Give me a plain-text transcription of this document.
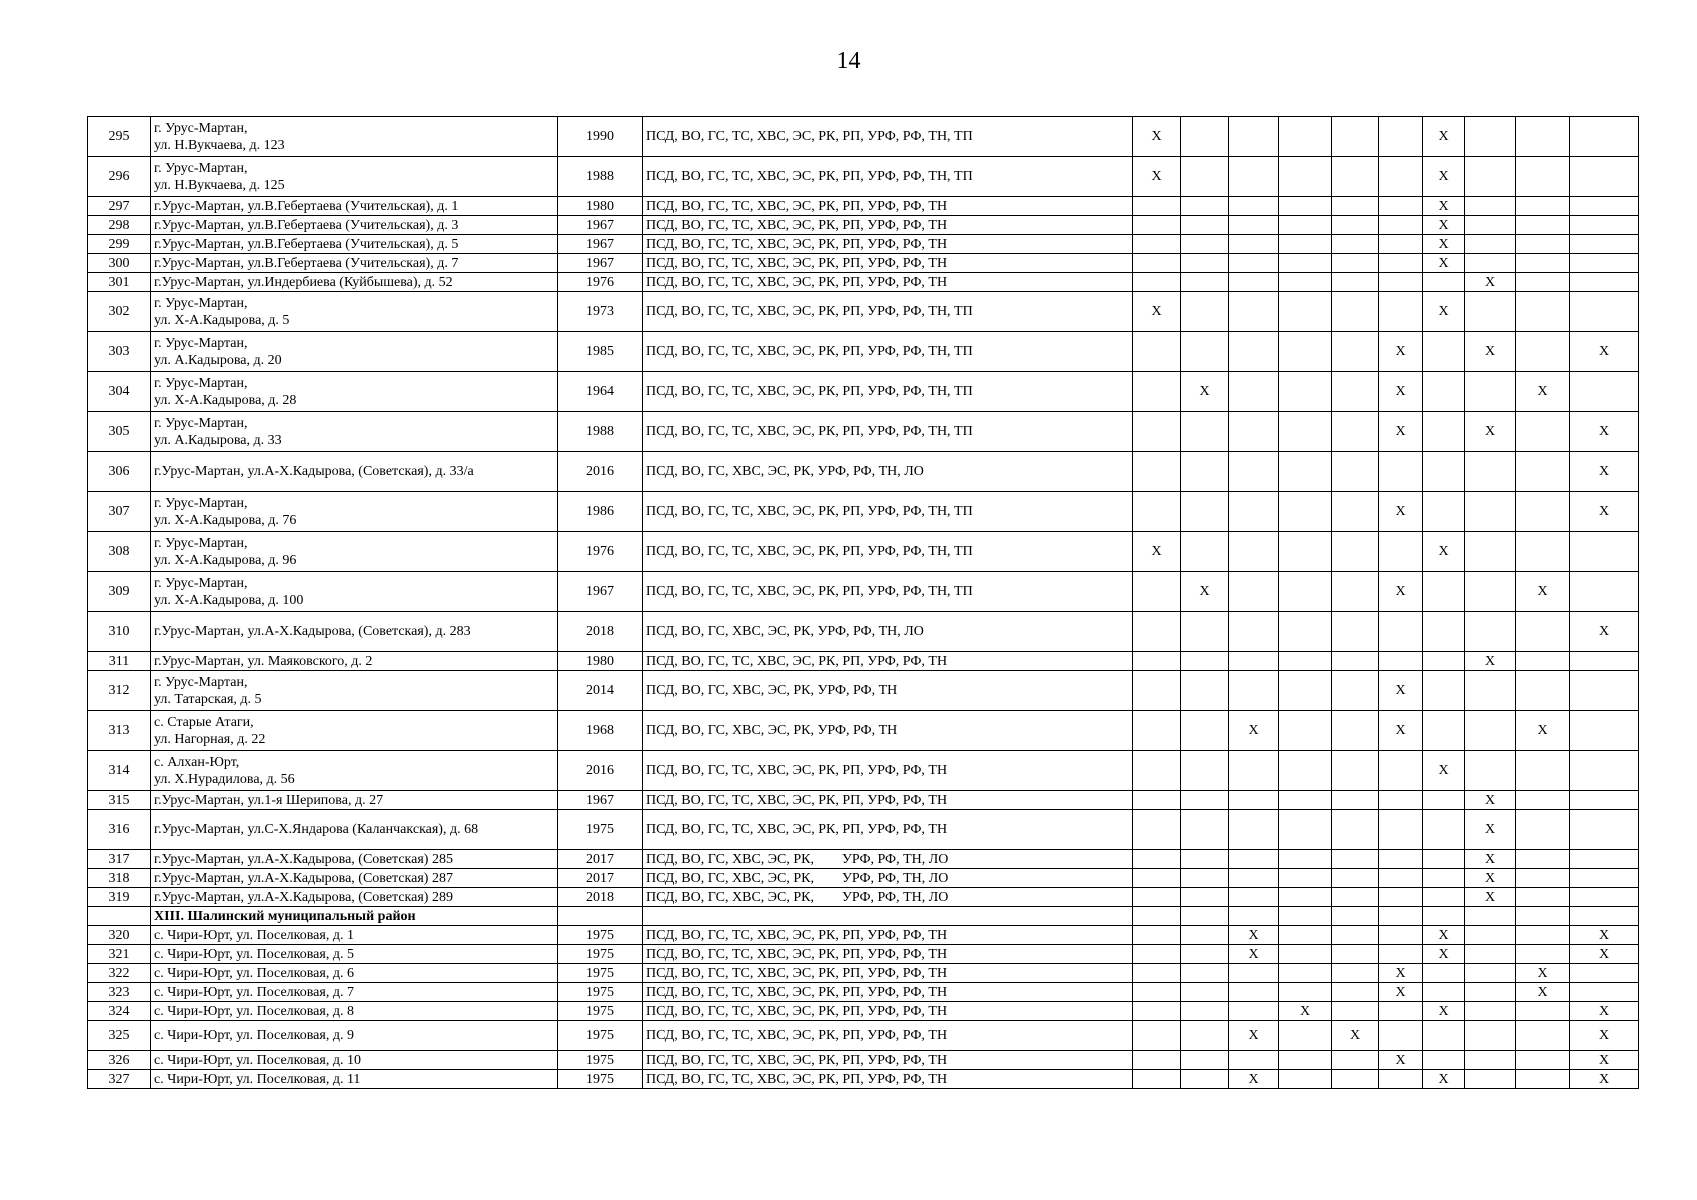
14
295	г. Урус-Мартан,
ул. Н.Вукчаева, д. 123	1990	ПСД, ВО, ГС, ТС, ХВС, ЭС, РК, РП, УРФ, РФ, ТН, ТП	X						X			
296	г. Урус-Мартан,
ул. Н.Вукчаева, д. 125	1988	ПСД, ВО, ГС, ТС, ХВС, ЭС, РК, РП, УРФ, РФ, ТН, ТП	X						X			
297	г.Урус-Мартан, ул.В.Гебертаева (Учительская), д. 1	1980	ПСД, ВО, ГС, ТС, ХВС, ЭС, РК, РП, УРФ, РФ, ТН							X			
298	г.Урус-Мартан, ул.В.Гебертаева (Учительская), д. 3	1967	ПСД, ВО, ГС, ТС, ХВС, ЭС, РК, РП, УРФ, РФ, ТН							X			
299	г.Урус-Мартан, ул.В.Гебертаева (Учительская), д. 5	1967	ПСД, ВО, ГС, ТС, ХВС, ЭС, РК, РП, УРФ, РФ, ТН							X			
300	г.Урус-Мартан, ул.В.Гебертаева (Учительская), д. 7	1967	ПСД, ВО, ГС, ТС, ХВС, ЭС, РК, РП, УРФ, РФ, ТН							X			
301	г.Урус-Мартан, ул.Индербиева (Куйбышева), д. 52	1976	ПСД, ВО, ГС, ТС, ХВС, ЭС, РК, РП, УРФ, РФ, ТН								X		
302	г. Урус-Мартан,
ул. Х-А.Кадырова, д. 5	1973	ПСД, ВО, ГС, ТС, ХВС, ЭС, РК, РП, УРФ, РФ, ТН, ТП	X						X			
303	г. Урус-Мартан,
ул. А.Кадырова, д. 20	1985	ПСД, ВО, ГС, ТС, ХВС, ЭС, РК, РП, УРФ, РФ, ТН, ТП						X		X		X
304	г. Урус-Мартан,
ул. Х-А.Кадырова, д. 28	1964	ПСД, ВО, ГС, ТС, ХВС, ЭС, РК, РП, УРФ, РФ, ТН, ТП		X				X			X	
305	г. Урус-Мартан,
ул. А.Кадырова, д. 33	1988	ПСД, ВО, ГС, ТС, ХВС, ЭС, РК, РП, УРФ, РФ, ТН, ТП						X		X		X
306	г.Урус-Мартан, ул.А-Х.Кадырова, (Советская), д. 33/а	2016	ПСД, ВО, ГС, ХВС, ЭС, РК, УРФ, РФ, ТН, ЛО										X
307	г. Урус-Мартан,
ул. Х-А.Кадырова, д. 76	1986	ПСД, ВО, ГС, ТС, ХВС, ЭС, РК, РП, УРФ, РФ, ТН, ТП						X				X
308	г. Урус-Мартан,
ул. Х-А.Кадырова, д. 96	1976	ПСД, ВО, ГС, ТС, ХВС, ЭС, РК, РП, УРФ, РФ, ТН, ТП	X						X			
309	г. Урус-Мартан,
ул. Х-А.Кадырова, д. 100	1967	ПСД, ВО, ГС, ТС, ХВС, ЭС, РК, РП, УРФ, РФ, ТН, ТП		X				X			X	
310	г.Урус-Мартан, ул.А-Х.Кадырова, (Советская), д. 283	2018	ПСД, ВО, ГС, ХВС, ЭС, РК, УРФ, РФ, ТН, ЛО										X
311	г.Урус-Мартан, ул. Маяковского, д. 2	1980	ПСД, ВО, ГС, ТС, ХВС, ЭС, РК, РП, УРФ, РФ, ТН								X		
312	г. Урус-Мартан,
ул. Татарская, д. 5	2014	ПСД, ВО, ГС, ХВС, ЭС, РК, УРФ, РФ, ТН						X				
313	с. Старые Атаги,
ул. Нагорная, д. 22	1968	ПСД, ВО, ГС, ХВС, ЭС, РК, УРФ, РФ, ТН			X			X			X	
314	с. Алхан-Юрт,
ул. Х.Нурадилова, д. 56	2016	ПСД, ВО, ГС, ТС, ХВС, ЭС, РК, РП, УРФ, РФ, ТН							X			
315	г.Урус-Мартан, ул.1-я Шерипова, д. 27	1967	ПСД, ВО, ГС, ТС, ХВС, ЭС, РК, РП, УРФ, РФ, ТН								X		
316	г.Урус-Мартан, ул.С-Х.Яндарова (Каланчакская), д. 68	1975	ПСД, ВО, ГС, ТС, ХВС, ЭС, РК, РП, УРФ, РФ, ТН								X		
317	г.Урус-Мартан, ул.А-Х.Кадырова, (Советская) 285	2017	ПСД, ВО, ГС, ХВС, ЭС, РК,        УРФ, РФ, ТН, ЛО								X		
318	г.Урус-Мартан, ул.А-Х.Кадырова, (Советская) 287	2017	ПСД, ВО, ГС, ХВС, ЭС, РК,        УРФ, РФ, ТН, ЛО								X		
319	г.Урус-Мартан, ул.А-Х.Кадырова, (Советская) 289	2018	ПСД, ВО, ГС, ХВС, ЭС, РК,        УРФ, РФ, ТН, ЛО								X		
	XIII. Шалинский муниципальный район												
320	с. Чири-Юрт, ул. Поселковая, д. 1	1975	ПСД, ВО, ГС, ТС, ХВС, ЭС, РК, РП, УРФ, РФ, ТН			X				X			X
321	с. Чири-Юрт, ул. Поселковая, д. 5	1975	ПСД, ВО, ГС, ТС, ХВС, ЭС, РК, РП, УРФ, РФ, ТН			X				X			X
322	с. Чири-Юрт, ул. Поселковая, д. 6	1975	ПСД, ВО, ГС, ТС, ХВС, ЭС, РК, РП, УРФ, РФ, ТН						X			X	
323	с. Чири-Юрт, ул. Поселковая, д. 7	1975	ПСД, ВО, ГС, ТС, ХВС, ЭС, РК, РП, УРФ, РФ, ТН						X			X	
324	с. Чири-Юрт, ул. Поселковая, д. 8	1975	ПСД, ВО, ГС, ТС, ХВС, ЭС, РК, РП, УРФ, РФ, ТН				X			X			X
325	с. Чири-Юрт, ул. Поселковая, д. 9	1975	ПСД, ВО, ГС, ТС, ХВС, ЭС, РК, РП, УРФ, РФ, ТН			X		X					X
326	с. Чири-Юрт, ул. Поселковая, д. 10	1975	ПСД, ВО, ГС, ТС, ХВС, ЭС, РК, РП, УРФ, РФ, ТН						X				X
327	с. Чири-Юрт, ул. Поселковая, д. 11	1975	ПСД, ВО, ГС, ТС, ХВС, ЭС, РК, РП, УРФ, РФ, ТН			X				X			X
